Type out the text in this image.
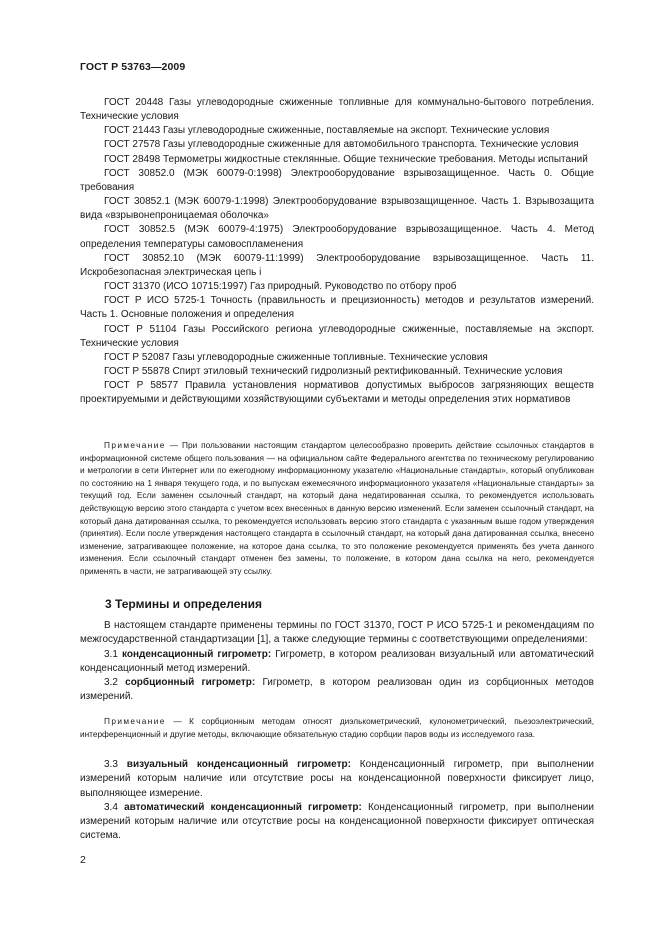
ГОСТ Р 53763—2009

ГОСТ 20448 Газы углеводородные сжиженные топливные для коммунально-бытового потребления. Технические условия

ГОСТ 21443 Газы углеводородные сжиженные, поставляемые на экспорт. Технические условия

ГОСТ 27578 Газы углеводородные сжиженные для автомобильного транспорта. Технические условия

ГОСТ 28498 Термометры жидкостные стеклянные. Общие технические требования. Методы испытаний

ГОСТ 30852.0 (МЭК 60079-0:1998) Электрооборудование взрывозащищенное. Часть 0. Общие требования

ГОСТ 30852.1 (МЭК 60079-1:1998) Электрооборудование взрывозащищенное. Часть 1. Взрывозащита вида «взрывонепроницаемая оболочка»

ГОСТ 30852.5 (МЭК 60079-4:1975) Электрооборудование взрывозащищенное. Часть 4. Метод определения температуры самовоспламенения

ГОСТ 30852.10 (МЭК 60079-11:1999) Электрооборудование взрывозащищенное. Часть 11. Искробезопасная электрическая цепь i

ГОСТ 31370 (ИСО 10715:1997) Газ природный. Руководство по отбору проб

ГОСТ Р ИСО 5725-1 Точность (правильность и прецизионность) методов и результатов измерений. Часть 1. Основные положения и определения

ГОСТ Р 51104 Газы Российского региона углеводородные сжиженные, поставляемые на экспорт. Технические условия

ГОСТ Р 52087 Газы углеводородные сжиженные топливные. Технические условия

ГОСТ Р 55878 Спирт этиловый технический гидролизный ректификованный. Технические условия

ГОСТ Р 58577 Правила установления нормативов допустимых выбросов загрязняющих веществ проектируемыми и действующими хозяйствующими субъектами и методы определения этих нормативов

Примечание — При пользовании настоящим стандартом целесообразно проверить действие ссылочных стандартов в информационной системе общего пользования — на официальном сайте Федерального агентства по техническому регулированию и метрологии в сети Интернет или по ежегодному информационному указателю «Национальные стандарты», который опубликован по состоянию на 1 января текущего года, и по выпускам ежемесячного информационного указателя «Национальные стандарты» за текущий год. Если заменен ссылочный стандарт, на который дана недатированная ссылка, то рекомендуется использовать действующую версию этого стандарта с учетом всех внесенных в данную версию изменений. Если заменен ссылочный стандарт, на который дана датированная ссылка, то рекомендуется использовать версию этого стандарта с указанным выше годом утверждения (принятия). Если после утверждения настоящего стандарта в ссылочный стандарт, на который дана датированная ссылка, внесено изменение, затрагивающее положение, на которое дана ссылка, то это положение рекомендуется применять без учета данного изменения. Если ссылочный стандарт отменен без замены, то положение, в котором дана ссылка на него, рекомендуется применять в части, не затрагивающей эту ссылку.

3 Термины и определения

В настоящем стандарте применены термины по ГОСТ 31370, ГОСТ Р ИСО 5725-1 и рекомендациям по межгосударственной стандартизации [1], а также следующие термины с соответствующими определениями:

3.1 конденсационный гигрометр: Гигрометр, в котором реализован визуальный или автоматический конденсационный метод измерений.

3.2 сорбционный гигрометр: Гигрометр, в котором реализован один из сорбционных методов измерений.

Примечание — К сорбционным методам относят диэлькометрический, кулонометрический, пьезоэлектрический, интерференционный и другие методы, включающие обязательную стадию сорбции паров воды из исследуемого газа.

3.3 визуальный конденсационный гигрометр: Конденсационный гигрометр, при выполнении измерений которым наличие или отсутствие росы на конденсационной поверхности фиксирует лицо, выполняющее измерение.

3.4 автоматический конденсационный гигрометр: Конденсационный гигрометр, при выполнении измерений которым наличие или отсутствие росы на конденсационной поверхности фиксирует оптическая система.

2
